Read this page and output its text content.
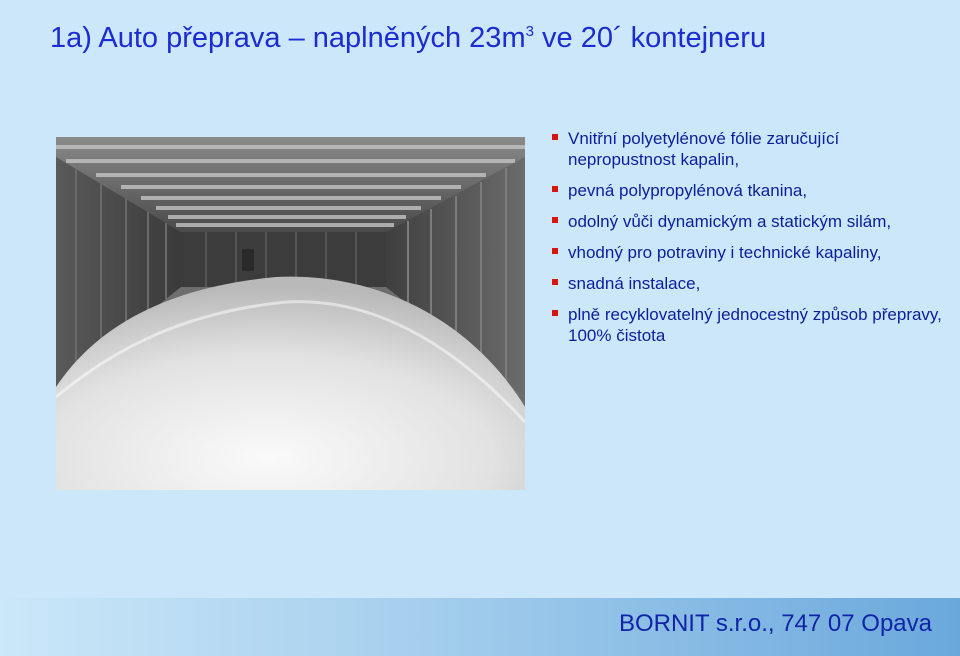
1a) Auto přeprava – naplněných $23m^3$ ve 20´ kontejneru
Vnitřní polyetylénové fólie zaručující nepropustnost kapalin,
pevná polypropylénová tkanina,
odolný vůči dynamickým a statickým silám,
vhodný pro potraviny i technické kapaliny,
snadná instalace,
plně recyklovatelný jednocestný způsob přepravy, 100% čistota
BORNIT s.r.o., 747 07 Opava
